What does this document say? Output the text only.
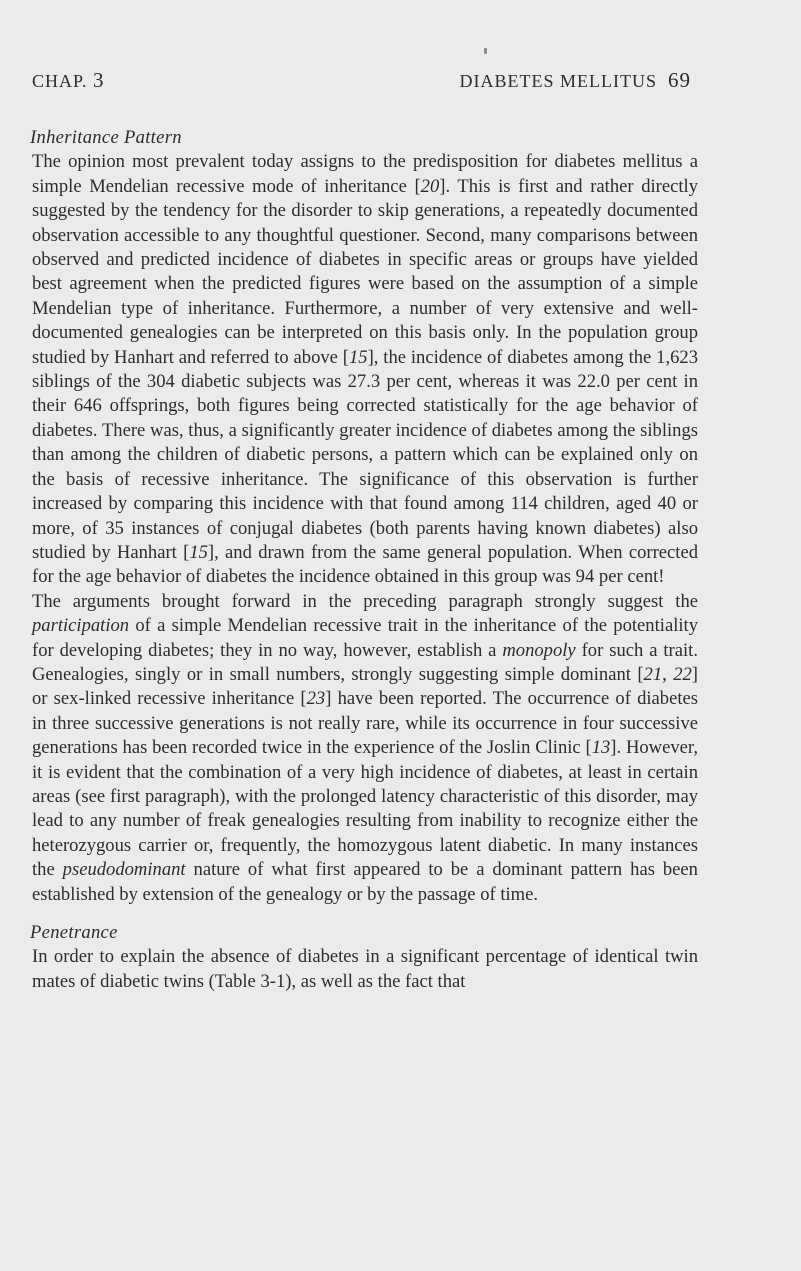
CHAP. 3	DIABETES MELLITUS 69
Inheritance Pattern

The opinion most prevalent today assigns to the predisposition for diabetes mellitus a simple Mendelian recessive mode of inheritance [20]. This is first and rather directly suggested by the tendency for the disorder to skip generations, a repeatedly documented observation accessible to any thoughtful questioner. Second, many comparisons between observed and predicted incidence of diabetes in specific areas or groups have yielded best agreement when the predicted figures were based on the assumption of a simple Mendelian type of inheritance. Furthermore, a number of very extensive and well-documented genealogies can be interpreted on this basis only. In the population group studied by Hanhart and referred to above [15], the incidence of diabetes among the 1,623 siblings of the 304 diabetic subjects was 27.3 per cent, whereas it was 22.0 per cent in their 646 offsprings, both figures being corrected statistically for the age behavior of diabetes. There was, thus, a significantly greater incidence of diabetes among the siblings than among the children of diabetic persons, a pattern which can be explained only on the basis of recessive inheritance. The significance of this observation is further increased by comparing this incidence with that found among 114 children, aged 40 or more, of 35 instances of conjugal diabetes (both parents having known diabetes) also studied by Hanhart [15], and drawn from the same general population. When corrected for the age behavior of diabetes the incidence obtained in this group was 94 per cent!

The arguments brought forward in the preceding paragraph strongly suggest the participation of a simple Mendelian recessive trait in the inheritance of the potentiality for developing diabetes; they in no way, however, establish a monopoly for such a trait. Genealogies, singly or in small numbers, strongly suggesting simple dominant [21, 22] or sex-linked recessive inheritance [23] have been reported. The occurrence of diabetes in three successive generations is not really rare, while its occurrence in four successive generations has been recorded twice in the experience of the Joslin Clinic [13]. However, it is evident that the combination of a very high incidence of diabetes, at least in certain areas (see first paragraph), with the prolonged latency characteristic of this disorder, may lead to any number of freak genealogies resulting from inability to recognize either the heterozygous carrier or, frequently, the homozygous latent diabetic. In many instances the pseudodominant nature of what first appeared to be a dominant pattern has been established by extension of the genealogy or by the passage of time.

Penetrance

In order to explain the absence of diabetes in a significant percentage of identical twin mates of diabetic twins (Table 3-1), as well as the fact that
